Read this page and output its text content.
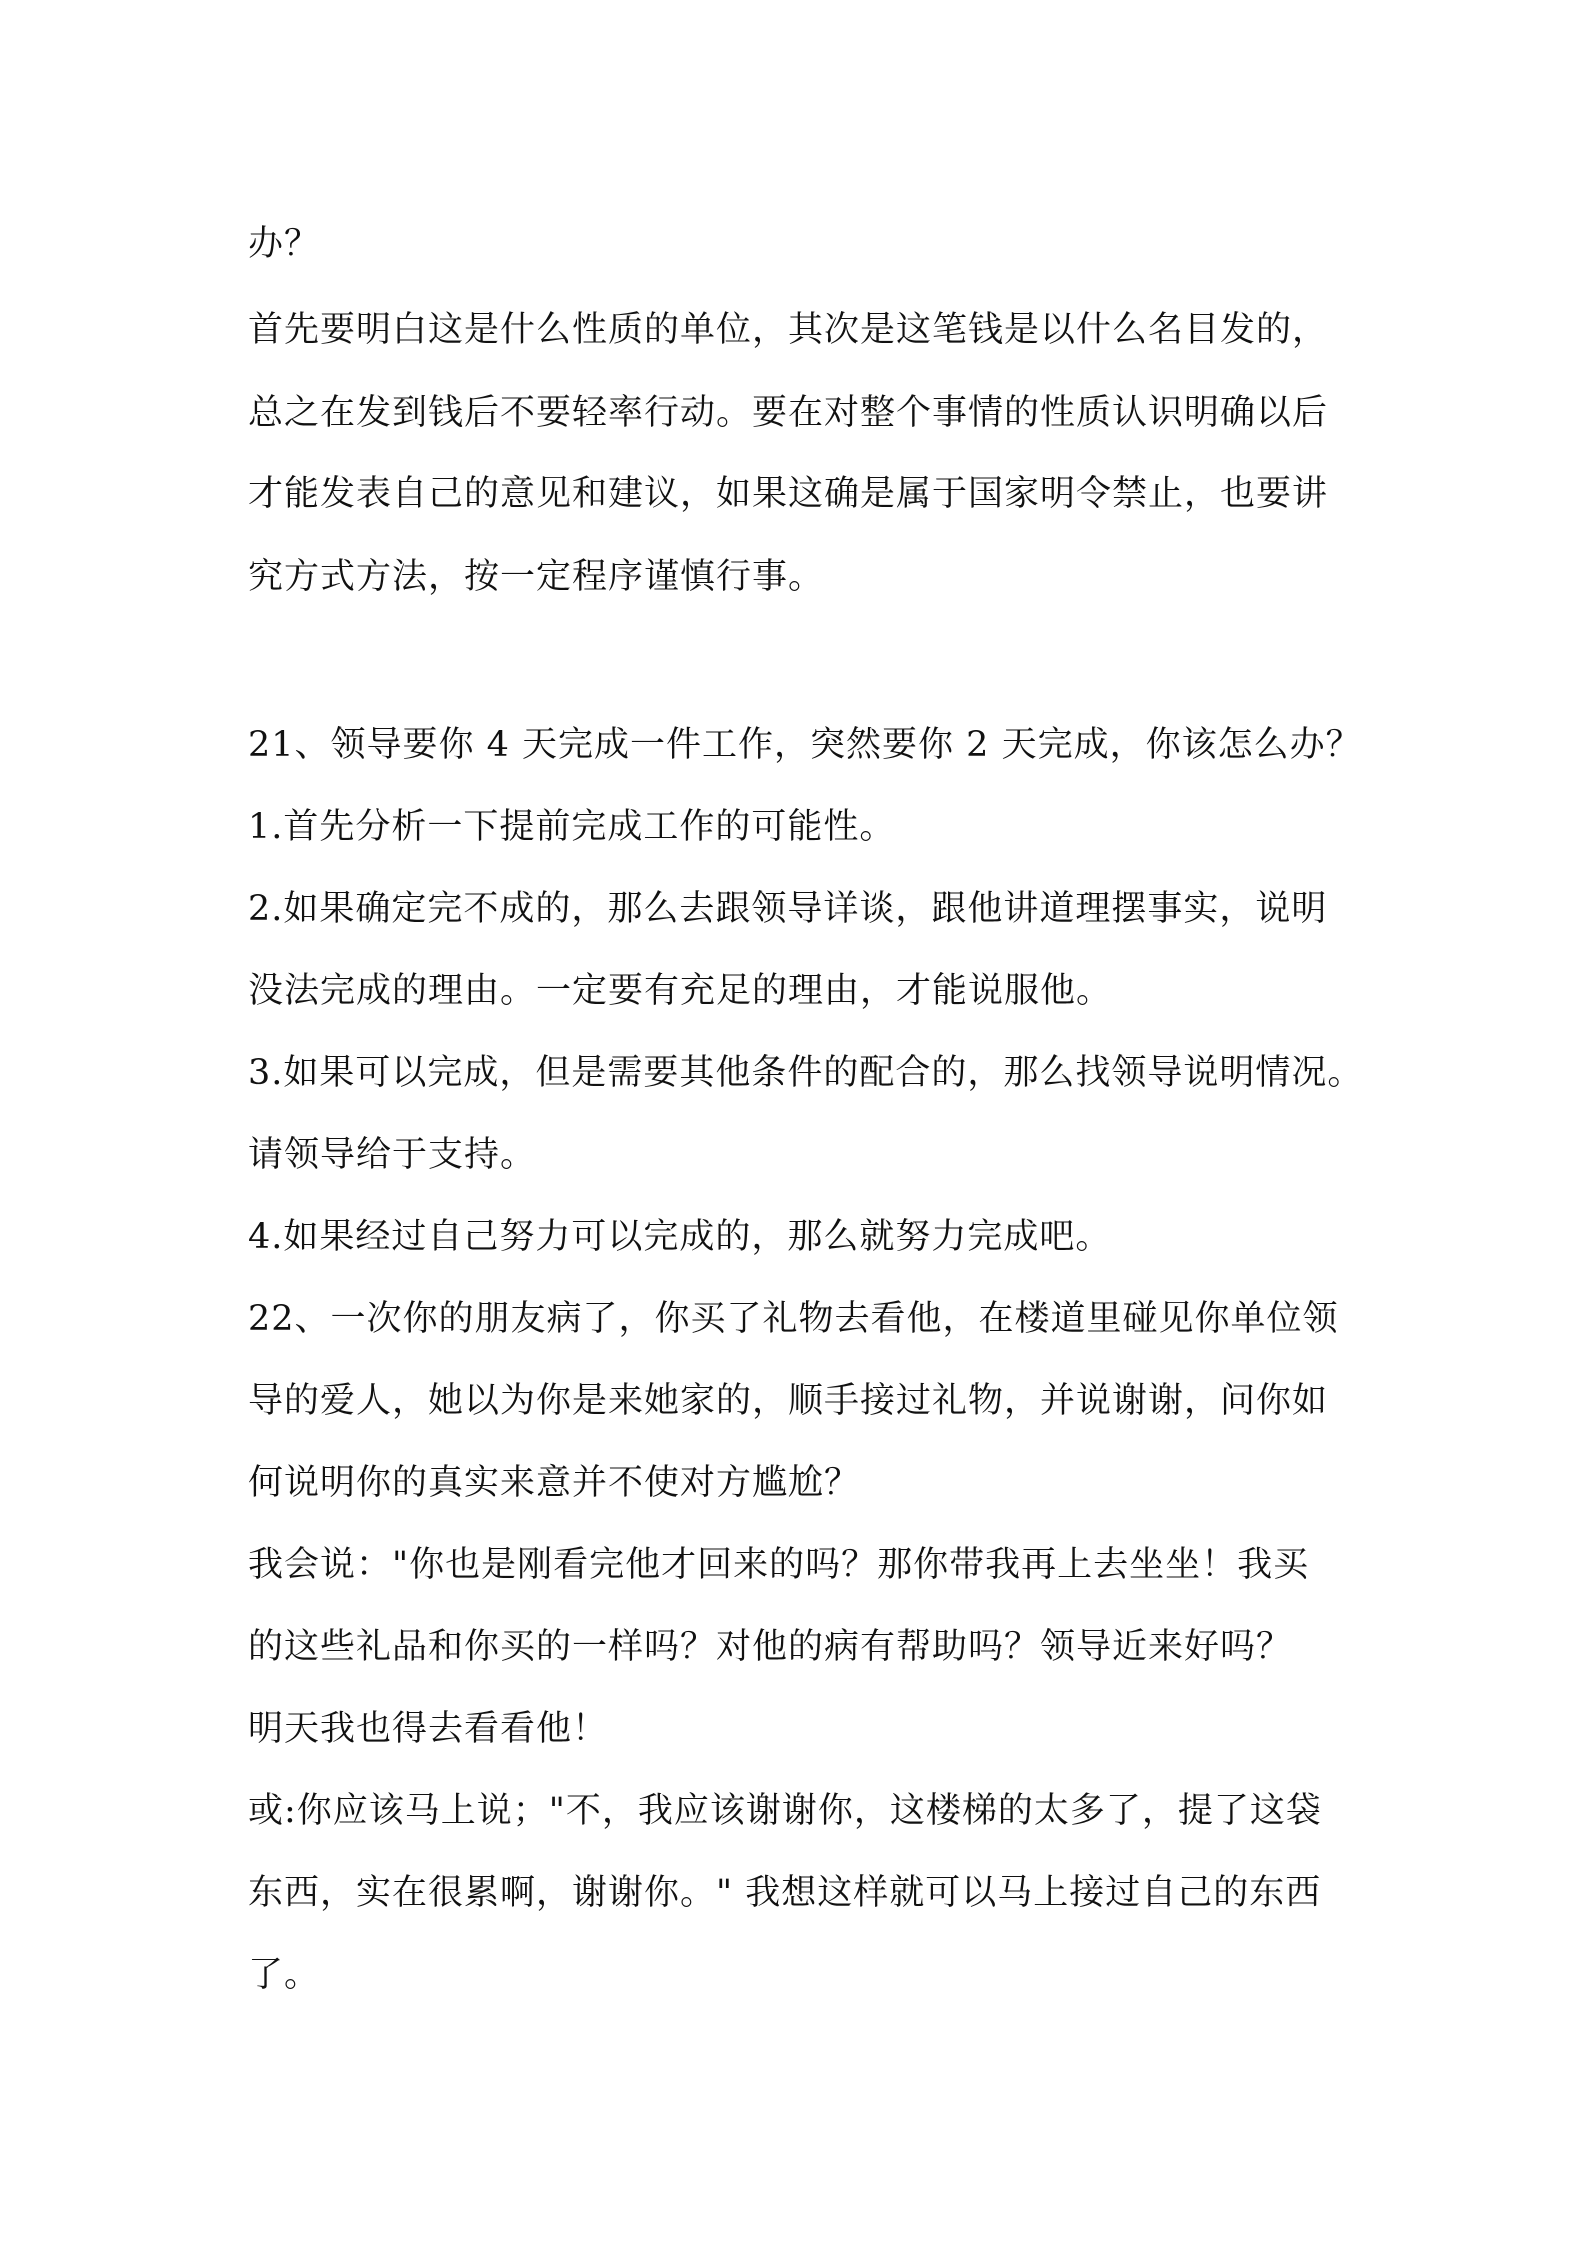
办？
首先要明白这是什么性质的单位，其次是这笔钱是以什么名目发的，
总之在发到钱后不要轻率行动。要在对整个事情的性质认识明确以后
才能发表自己的意见和建议，如果这确是属于国家明令禁止，也要讲
究方式方法，按一定程序谨慎行事。
21、领导要你 4 天完成一件工作，突然要你 2 天完成，你该怎么办？
1.首先分析一下提前完成工作的可能性。
2.如果确定完不成的，那么去跟领导详谈，跟他讲道理摆事实，说明
没法完成的理由。一定要有充足的理由，才能说服他。
3.如果可以完成，但是需要其他条件的配合的，那么找领导说明情况。
请领导给于支持。
4.如果经过自己努力可以完成的，那么就努力完成吧。
22、一次你的朋友病了，你买了礼物去看他，在楼道里碰见你单位领
导的爱人，她以为你是来她家的，顺手接过礼物，并说谢谢，问你如
何说明你的真实来意并不使对方尴尬？
我会说："你也是刚看完他才回来的吗？那你带我再上去坐坐！我买
的这些礼品和你买的一样吗？对他的病有帮助吗？领导近来好吗？
明天我也得去看看他！
或:你应该马上说；"不，我应该谢谢你，这楼梯的太多了，提了这袋
东西，实在很累啊，谢谢你。" 我想这样就可以马上接过自己的东西
了。
